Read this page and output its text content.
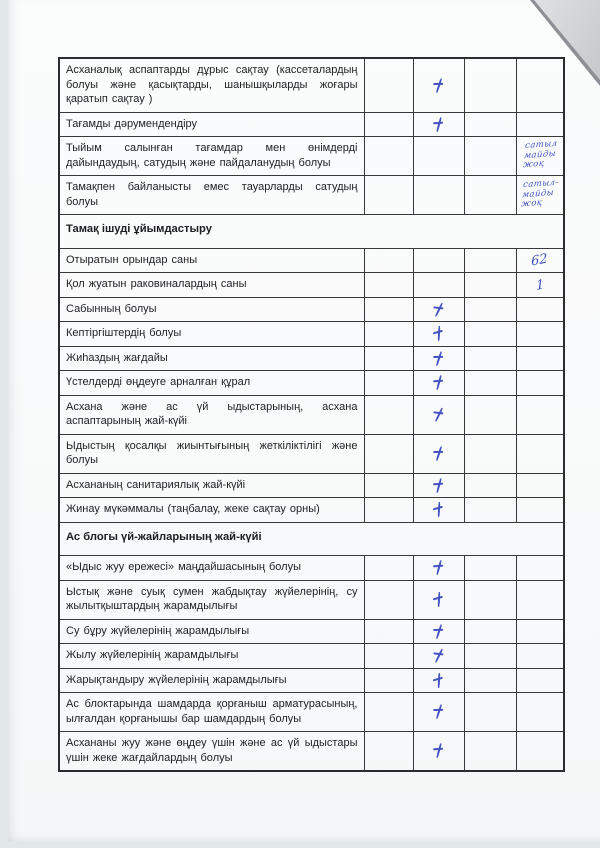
Асханалық аспаптарды дұрыс сақтау (кассеталардың болуы және қасықтарды, шанышқыларды жоғары қаратып сақтау )				
Тағамды дәрумендендіру				
Тыйым салынған тағамдар мен өнімдерді дайындаудың, сатудың және пайдаланудың болуы				сатыл
майды
жоқ
Тамақпен байланысты емес тауарларды сатудың болуы				сатыл-
майды
жоқ
Тамақ ішуді ұйымдастыру				
Отыратын орындар саны				62
Қол жуатын раковиналардың саны				1
Сабынның болуы				
Кептіргіштердің болуы				
Жиһаздың жағдайы				
Үстелдерді өңдеуге арналған құрал				
Асхана және ас үй ыдыстарының, асхана аспаптарының жай-күйі				
Ыдыстың қосалқы жиынтығының жеткіліктілігі және болуы				
Асхананың санитариялық жай-күйі				
Жинау мүкәммалы (таңбалау, жеке сақтау орны)				
Ас блогы үй-жайларының жай-күйі				
«Ыдыс жуу ережесі» маңдайшасының болуы				
Ыстық және суық сумен жабдықтау жүйелерінің, су жылытқыштардың жарамдылығы				
Су бұру жүйелерінің жарамдылығы				
Жылу жүйелерінің жарамдылығы				
Жарықтандыру жүйелерінің жарамдылығы				
Ас блоктарында шамдарда қорғаныш арматурасының, ылғалдан қорғанышы бар шамдардың болуы				
Асхананы жуу және өңдеу үшін және ас үй ыдыстары үшін жеке жағдайлардың болуы				
